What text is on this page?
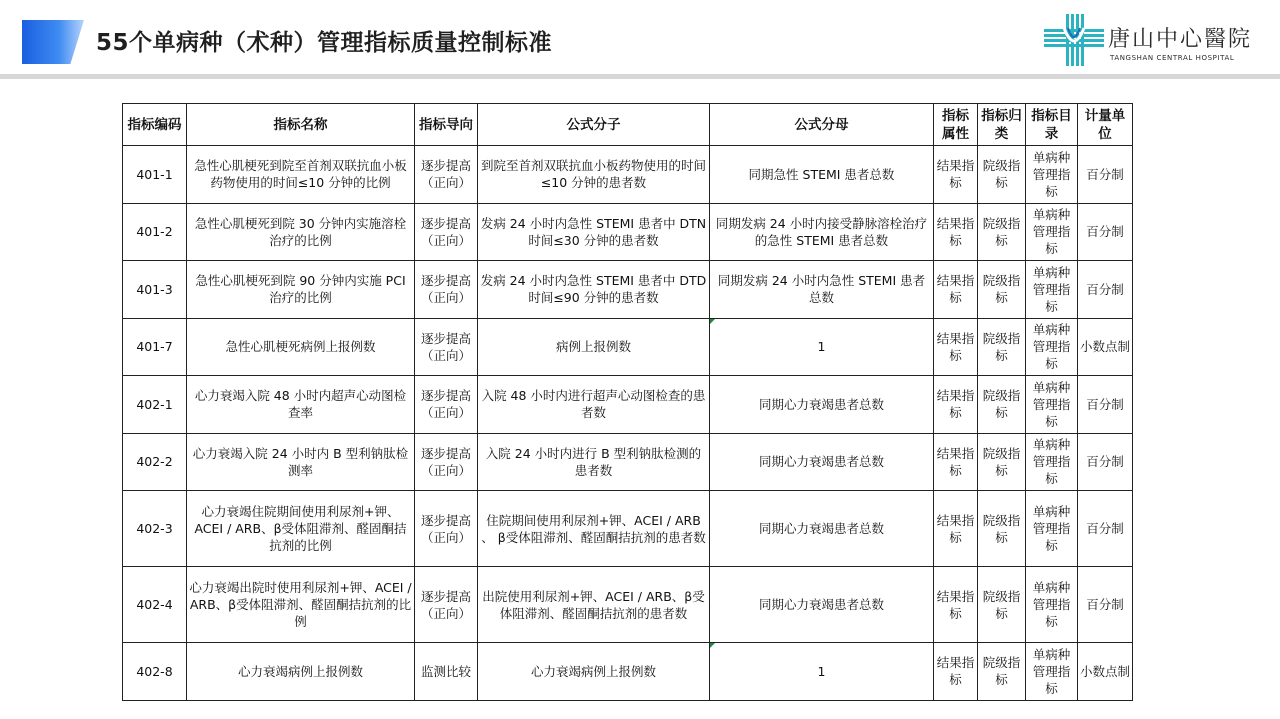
55个单病种（术种）管理指标质量控制标准	唐山中心醫院
TANGSHAN CENTRAL HOSPITAL
指标编码	指标名称	指标导向	公式分子	公式分母	指标属性	指标归类	指标目录	计量单位
401-1	急性心肌梗死到院至首剂双联抗血小板药物使用的时间≤10 分钟的比例	逐步提高（正向）	到院至首剂双联抗血小板药物使用的时间≤10 分钟的患者数	同期急性 STEMI 患者总数	结果指标	院级指标	单病种管理指标	百分制
401-2	急性心肌梗死到院 30 分钟内实施溶栓治疗的比例	逐步提高（正向）	发病 24 小时内急性 STEMI 患者中 DTN 时间≤30 分钟的患者数	同期发病 24 小时内接受静脉溶栓治疗的急性 STEMI 患者总数	结果指标	院级指标	单病种管理指标	百分制
401-3	急性心肌梗死到院 90 分钟内实施 PCI 治疗的比例	逐步提高（正向）	发病 24 小时内急性 STEMI 患者中 DTD 时间≤90 分钟的患者数	同期发病 24 小时内急性 STEMI 患者总数	结果指标	院级指标	单病种管理指标	百分制
401-7	急性心肌梗死病例上报例数	逐步提高（正向）	病例上报例数	1	结果指标	院级指标	单病种管理指标	小数点制
402-1	心力衰竭入院 48 小时内超声心动图检查率	逐步提高（正向）	入院 48 小时内进行超声心动图检查的患者数	同期心力衰竭患者总数	结果指标	院级指标	单病种管理指标	百分制
402-2	心力衰竭入院 24 小时内 B 型利钠肽检测率	逐步提高（正向）	入院 24 小时内进行 B 型利钠肽检测的患者数	同期心力衰竭患者总数	结果指标	院级指标	单病种管理指标	百分制
402-3	心力衰竭住院期间使用利尿剂+钾、ACEI / ARB、β受体阻滞剂、醛固酮拮抗剂的比例	逐步提高（正向）	住院期间使用利尿剂+钾、ACEI / ARB 、 β受体阻滞剂、醛固酮拮抗剂的患者数	同期心力衰竭患者总数	结果指标	院级指标	单病种管理指标	百分制
402-4	心力衰竭出院时使用利尿剂+钾、ACEI / ARB、β受体阻滞剂、醛固酮拮抗剂的比例	逐步提高（正向）	出院使用利尿剂+钾、ACEI / ARB、β受体阻滞剂、醛固酮拮抗剂的患者数	同期心力衰竭患者总数	结果指标	院级指标	单病种管理指标	百分制
402-8	心力衰竭病例上报例数	监测比较	心力衰竭病例上报例数	1	结果指标	院级指标	单病种管理指标	小数点制
